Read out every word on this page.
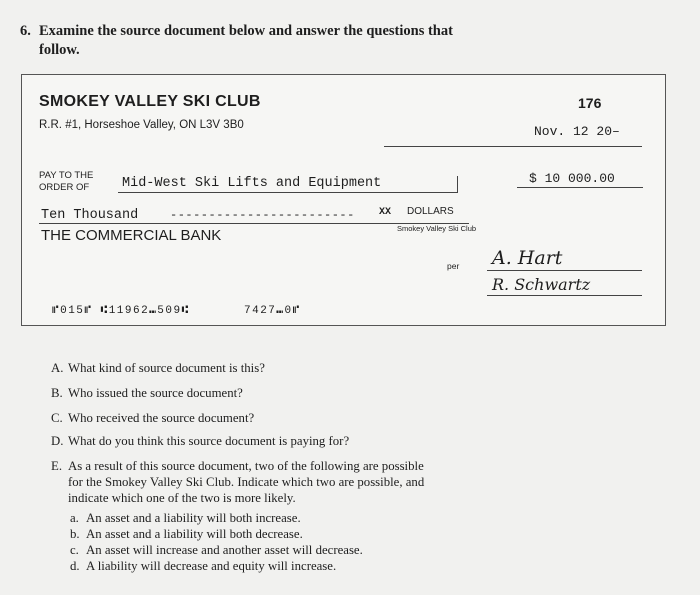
6. Examine the source document below and answer the questions that
follow.
SMOKEY VALLEY SKI CLUB
R.R. #1, Horseshoe Valley, ON L3V 3B0
176
Nov. 12 20–
PAY TO THE
ORDER OF	Mid-West Ski Lifts and Equipment	$ 10 000.00
Ten Thousand	------------------------ XX DOLLARS
THE COMMERCIAL BANK	Smokey Valley Ski Club
per A. Hart
R. Schwartz
⑈015⑈ ⑆11962⑉509⑆	7427⑉0⑈
A. What kind of source document is this?
B. Who issued the source document?
C. Who received the source document?
D. What do you think this source document is paying for?
E. As a result of this source document, two of the following are possible
for the Smokey Valley Ski Club. Indicate which two are possible, and
indicate which one of the two is more likely.
a. An asset and a liability will both increase.
b. An asset and a liability will both decrease.
c. An asset will increase and another asset will decrease.
d. A liability will decrease and equity will increase.
